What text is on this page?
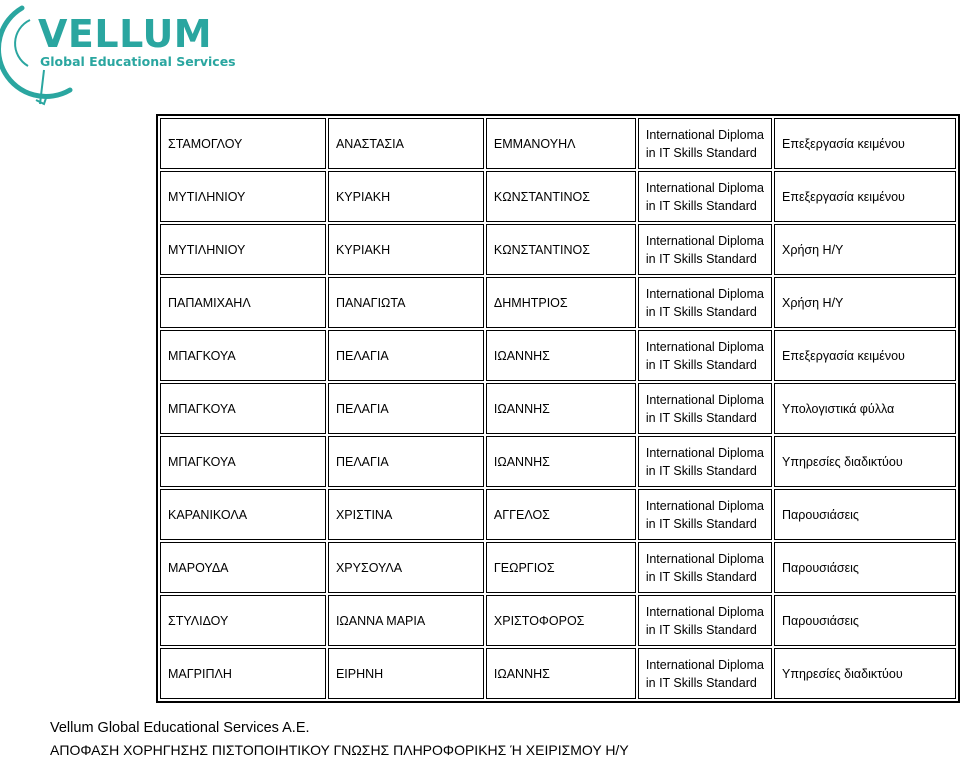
VELLUM
Global Educational Services
ΣΤΑΜΟΓΛΟΥ	ΑΝΑΣΤΑΣΙΑ	ΕΜΜΑΝΟΥΗΛ	International Diploma
in IT Skills Standard	Επεξεργασία κειμένου
ΜΥΤΙΛΗΝΙΟΥ	ΚΥΡΙΑΚΗ	ΚΩΝΣΤΑΝΤΙΝΟΣ	International Diploma
in IT Skills Standard	Επεξεργασία κειμένου
ΜΥΤΙΛΗΝΙΟΥ	ΚΥΡΙΑΚΗ	ΚΩΝΣΤΑΝΤΙΝΟΣ	International Diploma
in IT Skills Standard	Χρήση Η/Υ
ΠΑΠΑΜΙΧΑΗΛ	ΠΑΝΑΓΙΩΤΑ	ΔΗΜΗΤΡΙΟΣ	International Diploma
in IT Skills Standard	Χρήση Η/Υ
ΜΠΑΓΚΟΥΑ	ΠΕΛΑΓΙΑ	ΙΩΑΝΝΗΣ	International Diploma
in IT Skills Standard	Επεξεργασία κειμένου
ΜΠΑΓΚΟΥΑ	ΠΕΛΑΓΙΑ	ΙΩΑΝΝΗΣ	International Diploma
in IT Skills Standard	Υπολογιστικά φύλλα
ΜΠΑΓΚΟΥΑ	ΠΕΛΑΓΙΑ	ΙΩΑΝΝΗΣ	International Diploma
in IT Skills Standard	Υπηρεσίες διαδικτύου
ΚΑΡΑΝΙΚΟΛΑ	ΧΡΙΣΤΙΝΑ	ΑΓΓΕΛΟΣ	International Diploma
in IT Skills Standard	Παρουσιάσεις
ΜΑΡΟΥΔΑ	ΧΡΥΣΟΥΛΑ	ΓΕΩΡΓΙΟΣ	International Diploma
in IT Skills Standard	Παρουσιάσεις
ΣΤΥΛΙΔΟΥ	ΙΩΑΝΝΑ ΜΑΡΙΑ	ΧΡΙΣΤΟΦΟΡΟΣ	International Diploma
in IT Skills Standard	Παρουσιάσεις
ΜΑΓΡΙΠΛΗ	ΕΙΡΗΝΗ	ΙΩΑΝΝΗΣ	International Diploma
in IT Skills Standard	Υπηρεσίες διαδικτύου
Vellum Global Educational Services A.E.
ΑΠΟΦΑΣΗ ΧΟΡΗΓΗΣΗΣ ΠΙΣΤΟΠΟΙΗΤΙΚΟΥ ΓΝΩΣΗΣ ΠΛΗΡΟΦΟΡΙΚΗΣ Ή ΧΕΙΡΙΣΜΟΥ Η/Υ
